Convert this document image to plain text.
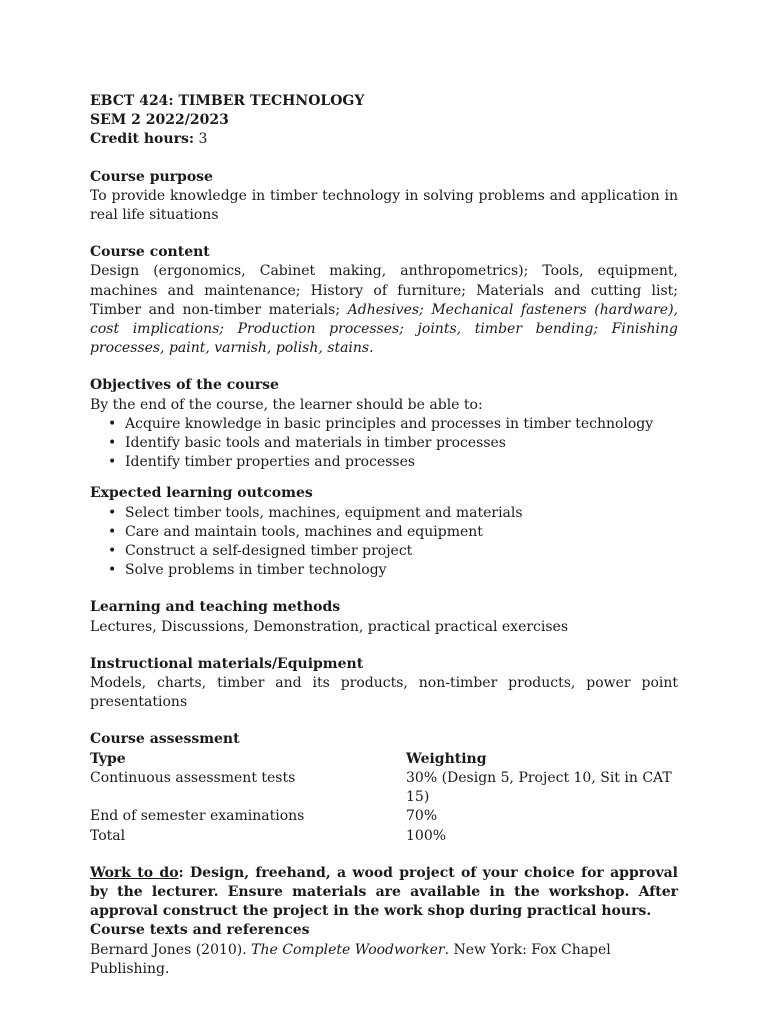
EBCT 424: TIMBER TECHNOLOGY

SEM 2 2022/2023

Credit hours: 3

Course purpose

To provide knowledge in timber technology in solving problems and application in real life situations

Course content

Design (ergonomics, Cabinet making, anthropometrics); Tools, equipment, machines and maintenance; History of furniture; Materials and cutting list; Timber and non-timber materials; Adhesives; Mechanical fasteners (hardware), cost implications; Production processes; joints, timber bending; Finishing processes, paint, varnish, polish, stains.

Objectives of the course

By the end of the course, the learner should be able to:

• Acquire knowledge in basic principles and processes in timber technology
• Identify basic tools and materials in timber processes
• Identify timber properties and processes

Expected learning outcomes

• Select timber tools, machines, equipment and materials
• Care and maintain tools, machines and equipment
• Construct a self-designed timber project
• Solve problems in timber technology

Learning and teaching methods

Lectures, Discussions, Demonstration, practical practical exercises

Instructional materials/Equipment

Models, charts, timber and its products, non-timber products, power point

presentations

Course assessment

Type	Weighting
Continuous assessment tests	30% (Design 5, Project 10, Sit in CAT 15)
End of semester examinations	70%
Total	100%

Work to do: Design, freehand, a wood project of your choice for approval by the lecturer. Ensure materials are available in the workshop. After approval construct the project in the work shop during practical hours.

Course texts and references

Bernard Jones (2010). The Complete Woodworker. New York: Fox Chapel Publishing.
